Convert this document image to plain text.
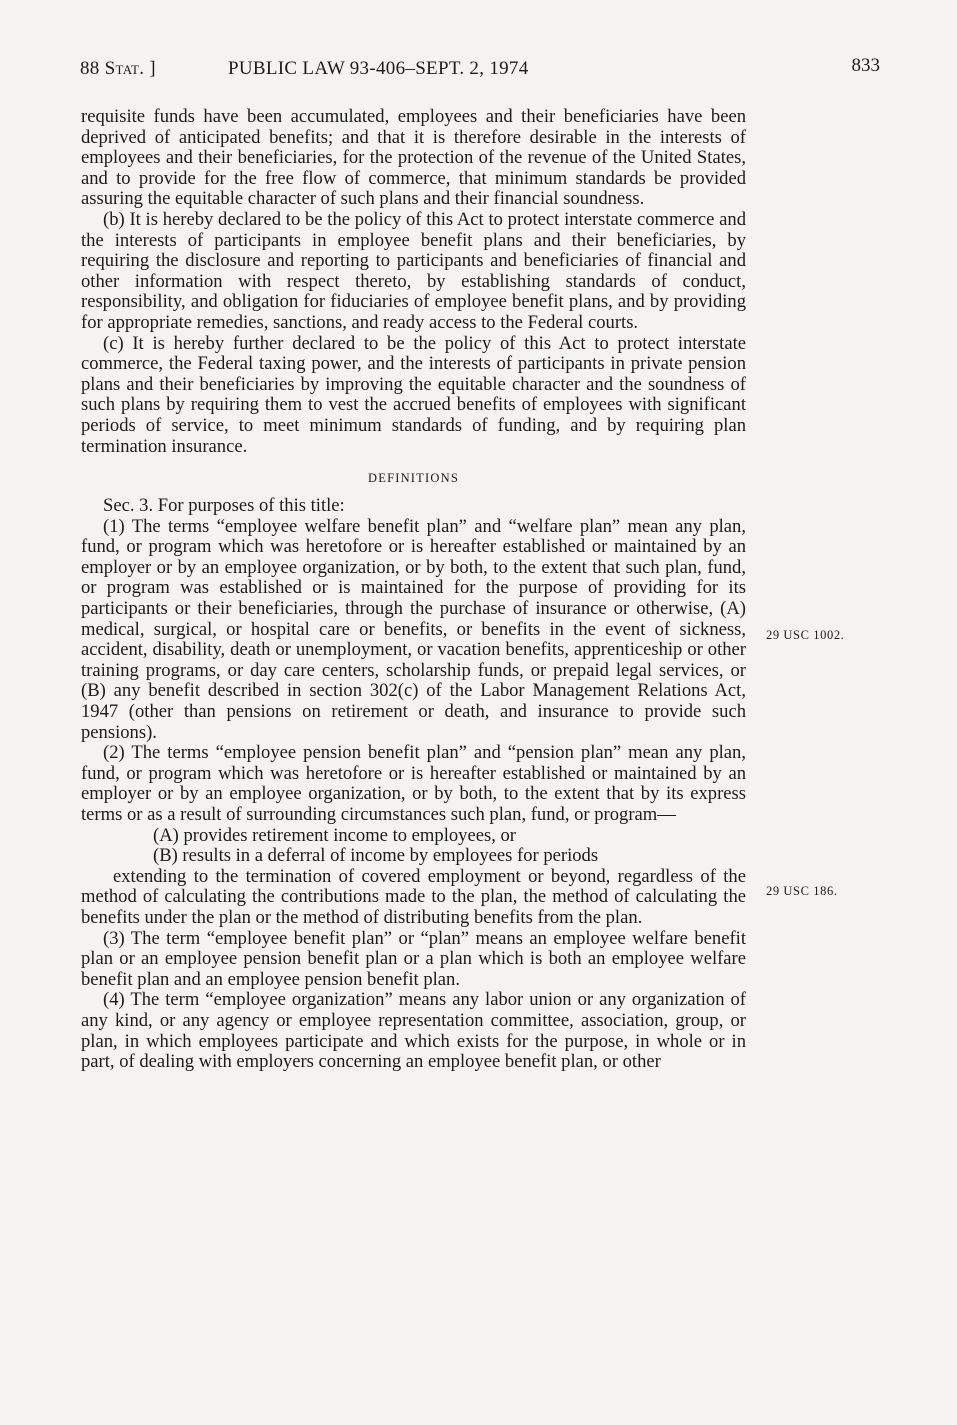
88 Stat. ]	PUBLIC LAW 93-406–SEPT. 2, 1974	833

requisite funds have been accumulated, employees and their beneficiaries have been deprived of anticipated benefits; and that it is therefore desirable in the interests of employees and their beneficiaries, for the protection of the revenue of the United States, and to provide for the free flow of commerce, that minimum standards be provided assuring the equitable character of such plans and their financial soundness.

(b) It is hereby declared to be the policy of this Act to protect interstate commerce and the interests of participants in employee benefit plans and their beneficiaries, by requiring the disclosure and reporting to participants and beneficiaries of financial and other information with respect thereto, by establishing standards of conduct, responsibility, and obligation for fiduciaries of employee benefit plans, and by providing for appropriate remedies, sanctions, and ready access to the Federal courts.

(c) It is hereby further declared to be the policy of this Act to protect interstate commerce, the Federal taxing power, and the interests of participants in private pension plans and their beneficiaries by improving the equitable character and the soundness of such plans by requiring them to vest the accrued benefits of employees with significant periods of service, to meet minimum standards of funding, and by requiring plan termination insurance.

DEFINITIONS

Sec. 3. For purposes of this title:

(1) The terms “employee welfare benefit plan” and “welfare plan” mean any plan, fund, or program which was heretofore or is hereafter established or maintained by an employer or by an employee organization, or by both, to the extent that such plan, fund, or program was established or is maintained for the purpose of providing for its participants or their beneficiaries, through the purchase of insurance or otherwise, (A) medical, surgical, or hospital care or benefits, or benefits in the event of sickness, accident, disability, death or unemployment, or vacation benefits, apprenticeship or other training programs, or day care centers, scholarship funds, or prepaid legal services, or (B) any benefit described in section 302(c) of the Labor Management Relations Act, 1947 (other than pensions on retirement or death, and insurance to provide such pensions).

(2) The terms “employee pension benefit plan” and “pension plan” mean any plan, fund, or program which was heretofore or is hereafter established or maintained by an employer or by an employee organization, or by both, to the extent that by its express terms or as a result of surrounding circumstances such plan, fund, or program—

(A) provides retirement income to employees, or

(B) results in a deferral of income by employees for periods

extending to the termination of covered employment or beyond, regardless of the method of calculating the contributions made to the plan, the method of calculating the benefits under the plan or the method of distributing benefits from the plan.

(3) The term “employee benefit plan” or “plan” means an employee welfare benefit plan or an employee pension benefit plan or a plan which is both an employee welfare benefit plan and an employee pension benefit plan.

(4) The term “employee organization” means any labor union or any organization of any kind, or any agency or employee representation committee, association, group, or plan, in which employees participate and which exists for the purpose, in whole or in part, of dealing with employers concerning an employee benefit plan, or other

29 USC 1002.
29 USC 186.
